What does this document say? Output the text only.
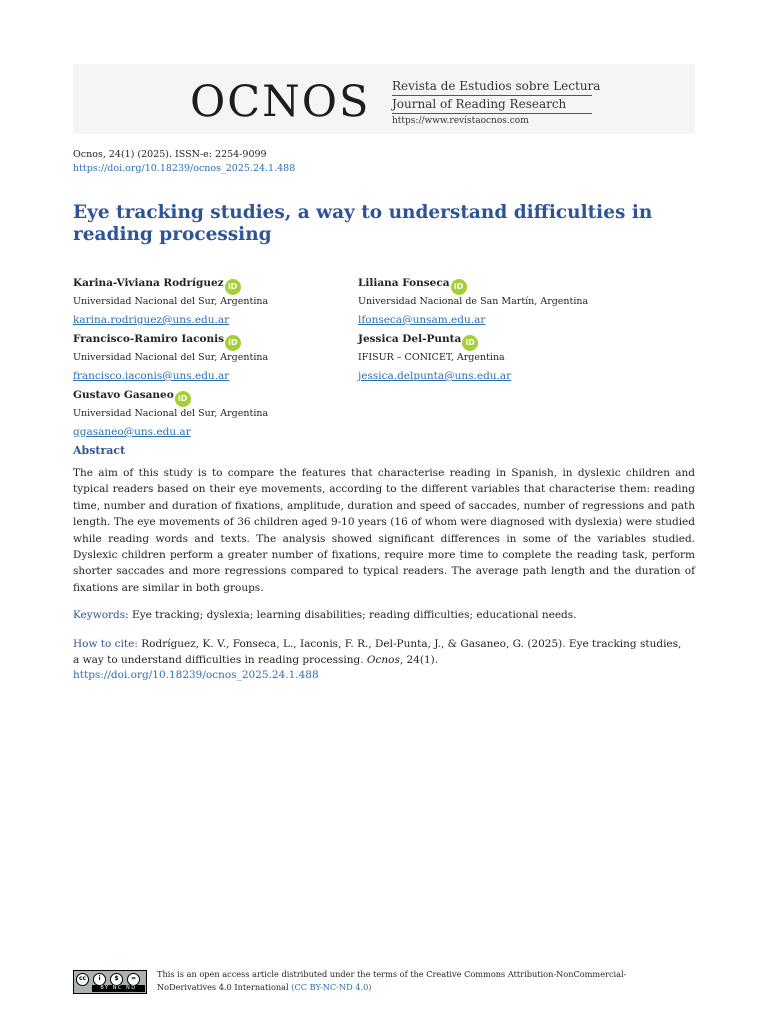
OCNOS Revista de Estudios sobre Lectura
Journal of Reading Research
https://www.revistaocnos.com
Ocnos, 24(1) (2025). ISSN-e: 2254-9099
https://doi.org/10.18239/ocnos_2025.24.1.488
Eye tracking studies, a way to understand difficulties in reading processing
Karina-Viviana Rodríguez iD
Universidad Nacional del Sur, Argentina
karina.rodriguez@uns.edu.ar
Liliana Fonseca iD
Universidad Nacional de San Martín, Argentina
lfonseca@unsam.edu.ar
Francisco-Ramiro Iaconis iD
Universidad Nacional del Sur, Argentina
francisco.iaconis@uns.edu.ar
Jessica Del-Punta iD
IFISUR – CONICET, Argentina
jessica.delpunta@uns.edu.ar
Gustavo Gasaneo iD
Universidad Nacional del Sur, Argentina
ggasaneo@uns.edu.ar
Abstract

The aim of this study is to compare the features that characterise reading in Spanish, in dyslexic children and typical readers based on their eye movements, according to the different variables that characterise them: reading time, number and duration of fixations, amplitude, duration and speed of saccades, number of regressions and path length. The eye movements of 36 children aged 9-10 years (16 of whom were diagnosed with dyslexia) were studied while reading words and texts. The analysis showed significant differences in some of the variables studied. Dyslexic children perform a greater number of fixations, require more time to complete the reading task, perform shorter saccades and more regressions compared to typical readers. The average path length and the duration of fixations are similar in both groups.

Keywords: Eye tracking; dyslexia; learning disabilities; reading difficulties; educational needs.
How to cite: Rodríguez, K. V., Fonseca, L., Iaconis, F. R., Del-Punta, J., & Gasaneo, G. (2025). Eye tracking studies, a way to understand difficulties in reading processing. Ocnos, 24(1). https://doi.org/10.18239/ocnos_2025.24.1.488
cc	i	$	=
BY NC ND
This is an open access article distributed under the terms of the Creative Commons Attribution-NonCommercial-NoDerivatives 4.0 International (CC BY-NC-ND 4.0)
